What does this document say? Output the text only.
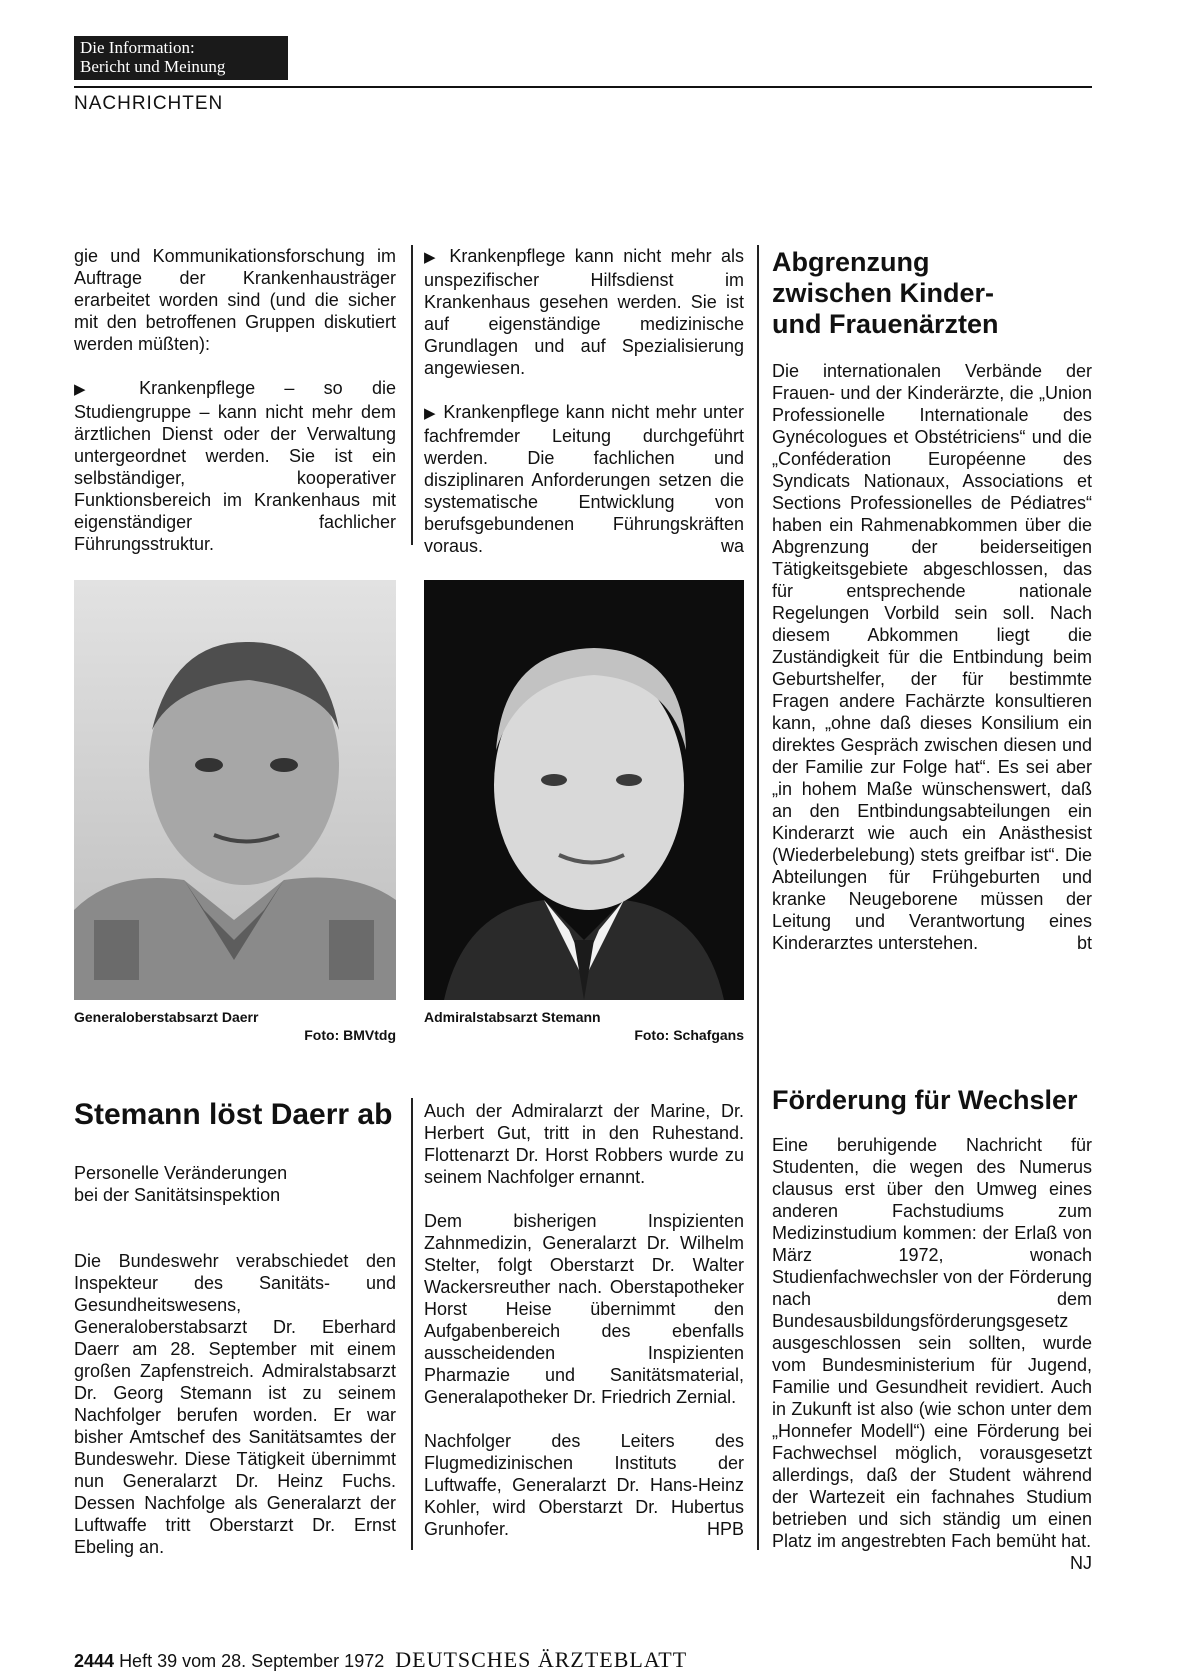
Die Information:
Bericht und Meinung
NACHRICHTEN

gie und Kommunikationsforschung im Auftrage der Krankenhausträger erarbeitet worden sind (und die sicher mit den betroffenen Gruppen diskutiert werden müßten):

▶ Krankenpflege – so die Studiengruppe – kann nicht mehr dem ärztlichen Dienst oder der Verwaltung untergeordnet werden. Sie ist ein selbständiger, kooperativer Funktionsbereich im Krankenhaus mit eigenständiger fachlicher Führungsstruktur.

▶ Krankenpflege kann nicht mehr als unspezifischer Hilfsdienst im Krankenhaus gesehen werden. Sie ist auf eigenständige medizinische Grundlagen und auf Spezialisierung angewiesen.

▶ Krankenpflege kann nicht mehr unter fachfremder Leitung durchgeführt werden. Die fachlichen und disziplinaren Anforderungen setzen die systematische Entwicklung von berufsgebundenen Führungskräften voraus.	wa

Generaloberstabsarzt Daerr
Foto: BMVtdg
Admiralstabsarzt Stemann
Foto: Schafgans
Stemann löst Daerr ab
Personelle Veränderungen
bei der Sanitätsinspektion

Die Bundeswehr verabschiedet den Inspekteur des Sanitäts- und Gesundheitswesens, Generaloberstabsarzt Dr. Eberhard Daerr am 28. September mit einem großen Zapfenstreich. Admiralstabsarzt Dr. Georg Stemann ist zu seinem Nachfolger berufen worden. Er war bisher Amtschef des Sanitätsamtes der Bundeswehr. Diese Tätigkeit übernimmt nun Generalarzt Dr. Heinz Fuchs. Dessen Nachfolge als Generalarzt der Luftwaffe tritt Oberstarzt Dr. Ernst Ebeling an.

Auch der Admiralarzt der Marine, Dr. Herbert Gut, tritt in den Ruhestand. Flottenarzt Dr. Horst Robbers wurde zu seinem Nachfolger ernannt.

Dem bisherigen Inspizienten Zahnmedizin, Generalarzt Dr. Wilhelm Stelter, folgt Oberstarzt Dr. Walter Wackersreuther nach. Oberstapotheker Horst Heise übernimmt den Aufgabenbereich des ebenfalls ausscheidenden Inspizienten Pharmazie und Sanitätsmaterial, Generalapotheker Dr. Friedrich Zernial.

Nachfolger des Leiters des Flugmedizinischen Instituts der Luftwaffe, Generalarzt Dr. Hans-Heinz Kohler, wird Oberstarzt Dr. Hubertus Grunhofer.	HPB

Abgrenzung
zwischen Kinder-
und Frauenärzten

Die internationalen Verbände der Frauen- und der Kinderärzte, die „Union Professionelle Internationale des Gynécologues et Obstétriciens“ und die „Conféderation Européenne des Syndicats Nationaux, Associations et Sections Professionelles de Pédiatres“ haben ein Rahmenabkommen über die Abgrenzung der beiderseitigen Tätigkeitsgebiete abgeschlossen, das für entsprechende nationale Regelungen Vorbild sein soll. Nach diesem Abkommen liegt die Zuständigkeit für die Entbindung beim Geburtshelfer, der für bestimmte Fragen andere Fachärzte konsultieren kann, „ohne daß dieses Konsilium ein direktes Gespräch zwischen diesen und der Familie zur Folge hat“. Es sei aber „in hohem Maße wünschenswert, daß an den Entbindungsabteilungen ein Kinderarzt wie auch ein Anästhesist (Wiederbelebung) stets greifbar ist“. Die Abteilungen für Frühgeburten und kranke Neugeborene müssen der Leitung und Verantwortung eines Kinderarztes unterstehen.	bt

Förderung für Wechsler

Eine beruhigende Nachricht für Studenten, die wegen des Numerus clausus erst über den Umweg eines anderen Fachstudiums zum Medizinstudium kommen: der Erlaß von März 1972, wonach Studienfachwechsler von der Förderung nach dem Bundesausbildungsförderungsgesetz ausgeschlossen sein sollten, wurde vom Bundesministerium für Jugend, Familie und Gesundheit revidiert. Auch in Zukunft ist also (wie schon unter dem „Honnefer Modell“) eine Förderung bei Fachwechsel möglich, vorausgesetzt allerdings, daß der Student während der Wartezeit ein fachnahes Studium betrieben und sich ständig um einen Platz im angestrebten Fach bemüht hat.
NJ

2444 Heft 39 vom 28. September 1972 DEUTSCHES ÄRZTEBLATT
